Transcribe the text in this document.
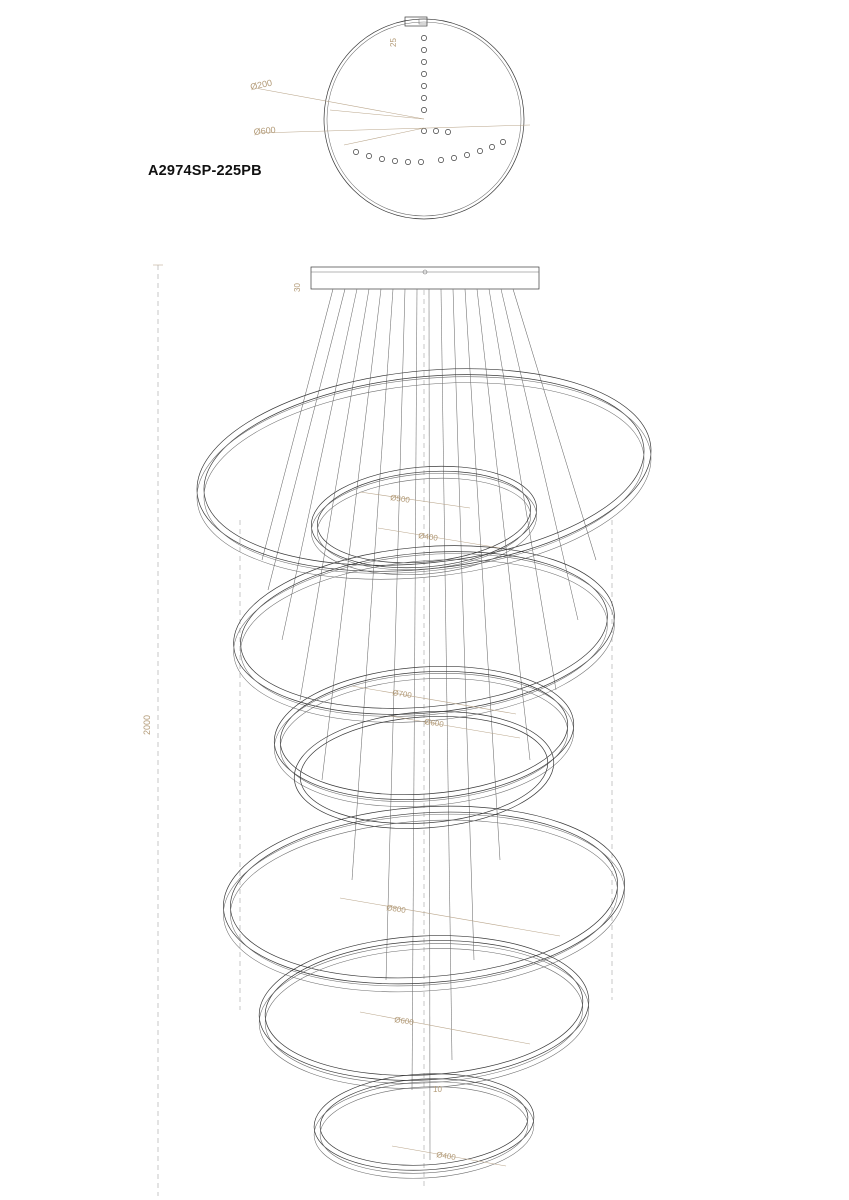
A2974SP-225PB
Ø200
Ø600
25
2000
30
Ø500
Ø400
Ø700
Ø600
Ø800
Ø600
Ø400
10
